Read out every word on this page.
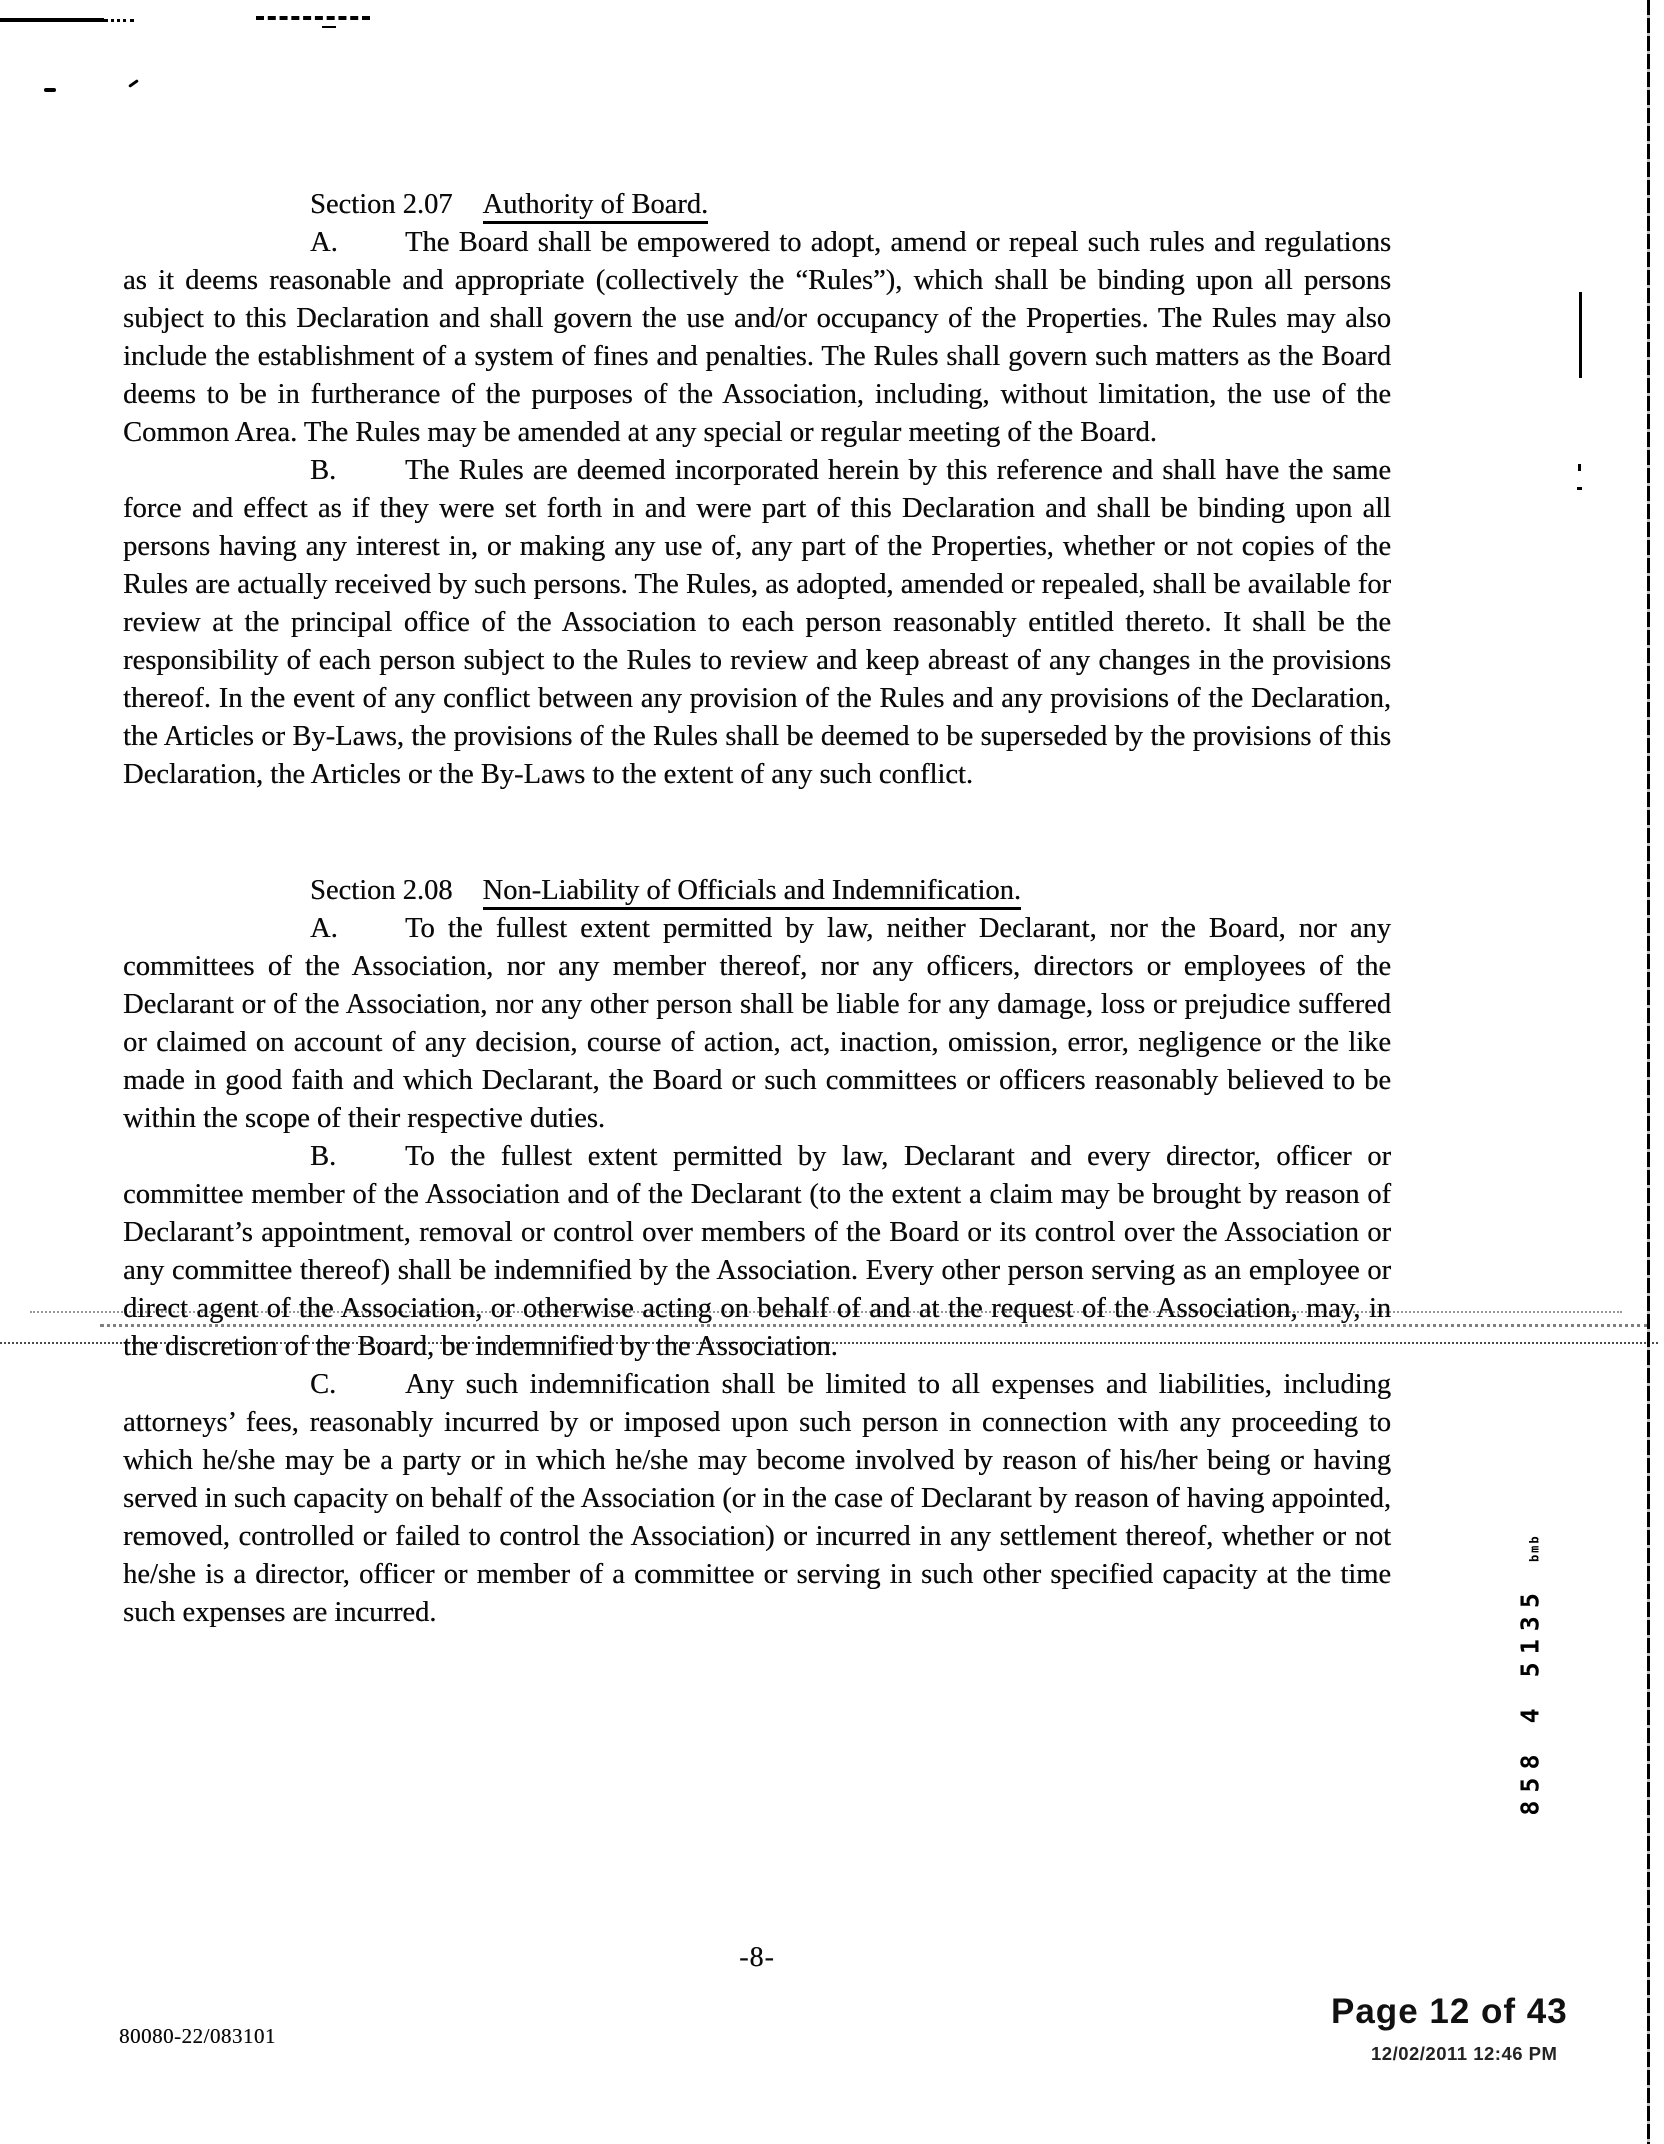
Section 2.07 Authority of Board.

A. The Board shall be empowered to adopt, amend or repeal such rules and regulations as it deems reasonable and appropriate (collectively the “Rules”), which shall be binding upon all persons subject to this Declaration and shall govern the use and/or occupancy of the Properties. The Rules may also include the establishment of a system of fines and penalties. The Rules shall govern such matters as the Board deems to be in furtherance of the purposes of the Association, including, without limitation, the use of the Common Area. The Rules may be amended at any special or regular meeting of the Board.

B. The Rules are deemed incorporated herein by this reference and shall have the same force and effect as if they were set forth in and were part of this Declaration and shall be binding upon all persons having any interest in, or making any use of, any part of the Properties, whether or not copies of the Rules are actually received by such persons. The Rules, as adopted, amended or repealed, shall be available for review at the principal office of the Association to each person reasonably entitled thereto. It shall be the responsibility of each person subject to the Rules to review and keep abreast of any changes in the provisions thereof. In the event of any conflict between any provision of the Rules and any provisions of the Declaration, the Articles or By-Laws, the provisions of the Rules shall be deemed to be superseded by the provisions of this Declaration, the Articles or the By-Laws to the extent of any such conflict.

Section 2.08 Non-Liability of Officials and Indemnification.

A. To the fullest extent permitted by law, neither Declarant, nor the Board, nor any committees of the Association, nor any member thereof, nor any officers, directors or employees of the Declarant or of the Association, nor any other person shall be liable for any damage, loss or prejudice suffered or claimed on account of any decision, course of action, act, inaction, omission, error, negligence or the like made in good faith and which Declarant, the Board or such committees or officers reasonably believed to be within the scope of their respective duties.

B. To the fullest extent permitted by law, Declarant and every director, officer or committee member of the Association and of the Declarant (to the extent a claim may be brought by reason of Declarant’s appointment, removal or control over members of the Board or its control over the Association or any committee thereof) shall be indemnified by the Association. Every other person serving as an employee or direct agent of the Association, or otherwise acting on behalf of and at the request of the Association, may, in the discretion of the Board, be indemnified by the Association.

C. Any such indemnification shall be limited to all expenses and liabilities, including attorneys’ fees, reasonably incurred by or imposed upon such person in connection with any proceeding to which he/she may be a party or in which he/she may become involved by reason of his/her being or having served in such capacity on behalf of the Association (or in the case of Declarant by reason of having appointed, removed, controlled or failed to control the Association) or incurred in any settlement thereof, whether or not he/she is a director, officer or member of a committee or serving in such other specified capacity at the time such expenses are incurred.	858 4 5135 bmb
-8-
80080-22/083101
Page 12 of 43
12/02/2011 12:46 PM
